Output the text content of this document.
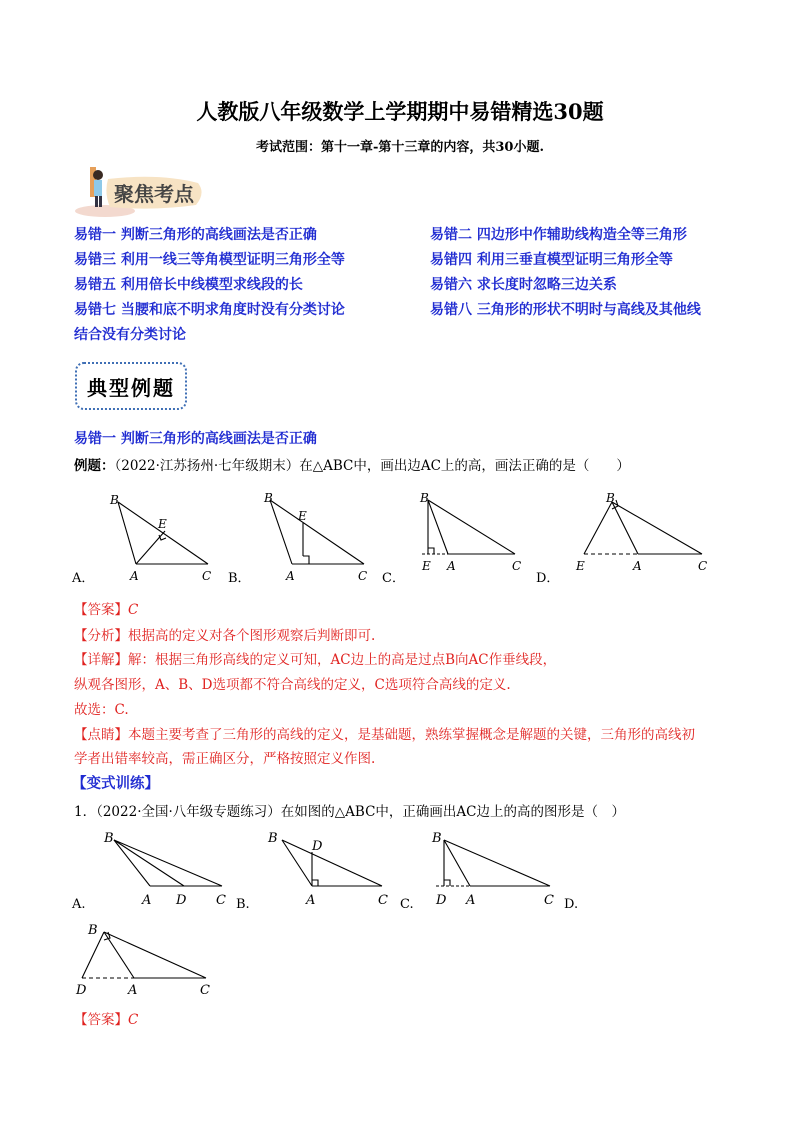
人教版八年级数学上学期期中易错精选30题
考试范围：第十一章-第十三章的内容，共30小题.
聚焦考点
易错一 判断三角形的高线画法是否正确	易错二 四边形中作辅助线构造全等三角形
易错三 利用一线三等角模型证明三角形全等	易错四 利用三垂直模型证明三角形全等
易错五 利用倍长中线模型求线段的长	易错六 求长度时忽略三边关系
易错七 当腰和底不明求角度时没有分类讨论	易错八 三角形的形状不明时与高线及其他线
结合没有分类讨论
典型例题
易错一 判断三角形的高线画法是否正确
例题：（2022·江苏扬州·七年级期末）在△ABC中，画出边AC上的高，画法正确的是（　　）
B
E
A	C
B
E
A	C
B
E A	C
B
E	A	C
A．	B．	C．	D．
【答案】C
【分析】根据高的定义对各个图形观察后判断即可.
【详解】解：根据三角形高线的定义可知，AC边上的高是过点B向AC作垂线段，
纵观各图形，A、B、D选项都不符合高线的定义，C选项符合高线的定义.
故选：C.
【点睛】本题主要考查了三角形的高线的定义，是基础题，熟练掌握概念是解题的关键，三角形的高线初
学者出错率较高，需正确区分，严格按照定义作图.
【变式训练】
1．（2022·全国·八年级专题练习）在如图的△ABC中，正确画出AC边上的高的图形是（　）
B
A D C
B
D
A	C
B
D A	C
A.	B.	C.	D.
B
D	A	C
【答案】C
